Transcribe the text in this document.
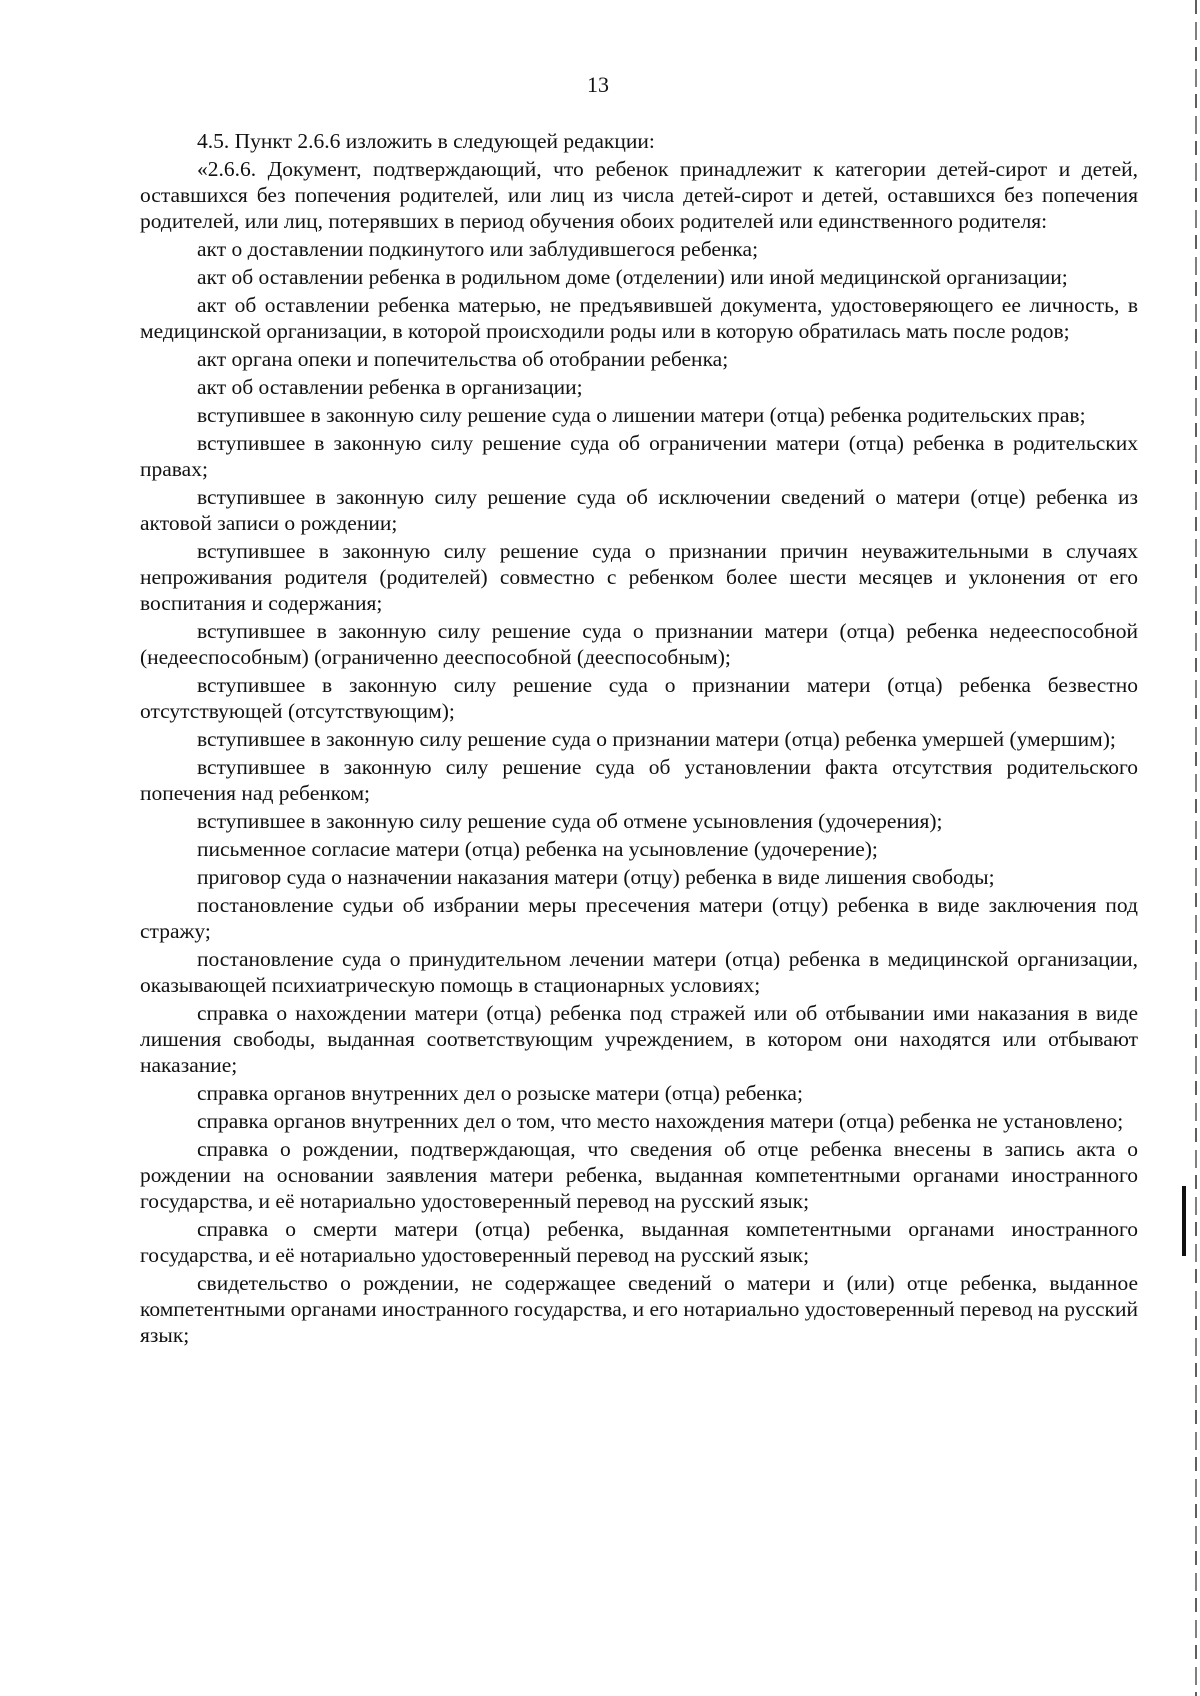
13

4.5. Пункт 2.6.6 изложить в следующей редакции:

«2.6.6. Документ, подтверждающий, что ребенок принадлежит к категории детей-сирот и детей, оставшихся без попечения родителей, или лиц из числа детей-сирот и детей, оставшихся без попечения родителей, или лиц, потерявших в период обучения обоих родителей или единственного родителя:

акт о доставлении подкинутого или заблудившегося ребенка;

акт об оставлении ребенка в родильном доме (отделении) или иной медицинской организации;

акт об оставлении ребенка матерью, не предъявившей документа, удостоверяющего ее личность, в медицинской организации, в которой происходили роды или в которую обратилась мать после родов;

акт органа опеки и попечительства об отобрании ребенка;

акт об оставлении ребенка в организации;

вступившее в законную силу решение суда о лишении матери (отца) ребенка родительских прав;

вступившее в законную силу решение суда об ограничении матери (отца) ребенка в родительских правах;

вступившее в законную силу решение суда об исключении сведений о матери (отце) ребенка из актовой записи о рождении;

вступившее в законную силу решение суда о признании причин неуважительными в случаях непроживания родителя (родителей) совместно с ребенком более шести месяцев и уклонения от его воспитания и содержания;

вступившее в законную силу решение суда о признании матери (отца) ребенка недееспособной (недееспособным) (ограниченно дееспособной (дееспособным);

вступившее в законную силу решение суда о признании матери (отца) ребенка безвестно отсутствующей (отсутствующим);

вступившее в законную силу решение суда о признании матери (отца) ребенка умершей (умершим);

вступившее в законную силу решение суда об установлении факта отсутствия родительского попечения над ребенком;

вступившее в законную силу решение суда об отмене усыновления (удочерения);

письменное согласие матери (отца) ребенка на усыновление (удочерение);

приговор суда о назначении наказания матери (отцу) ребенка в виде лишения свободы;

постановление судьи об избрании меры пресечения матери (отцу) ребенка в виде заключения под стражу;

постановление суда о принудительном лечении матери (отца) ребенка в медицинской организации, оказывающей психиатрическую помощь в стационарных условиях;

справка о нахождении матери (отца) ребенка под стражей или об отбывании ими наказания в виде лишения свободы, выданная соответствующим учреждением, в котором они находятся или отбывают наказание;

справка органов внутренних дел о розыске матери (отца) ребенка;

справка органов внутренних дел о том, что место нахождения матери (отца) ребенка не установлено;

справка о рождении, подтверждающая, что сведения об отце ребенка внесены в запись акта о рождении на основании заявления матери ребенка, выданная компетентными органами иностранного государства, и её нотариально удостоверенный перевод на русский язык;

справка о смерти матери (отца) ребенка, выданная компетентными органами иностранного государства, и её нотариально удостоверенный перевод на русский язык;

свидетельство о рождении, не содержащее сведений о матери и (или) отце ребенка, выданное компетентными органами иностранного государства, и его нотариально удостоверенный перевод на русский язык;
